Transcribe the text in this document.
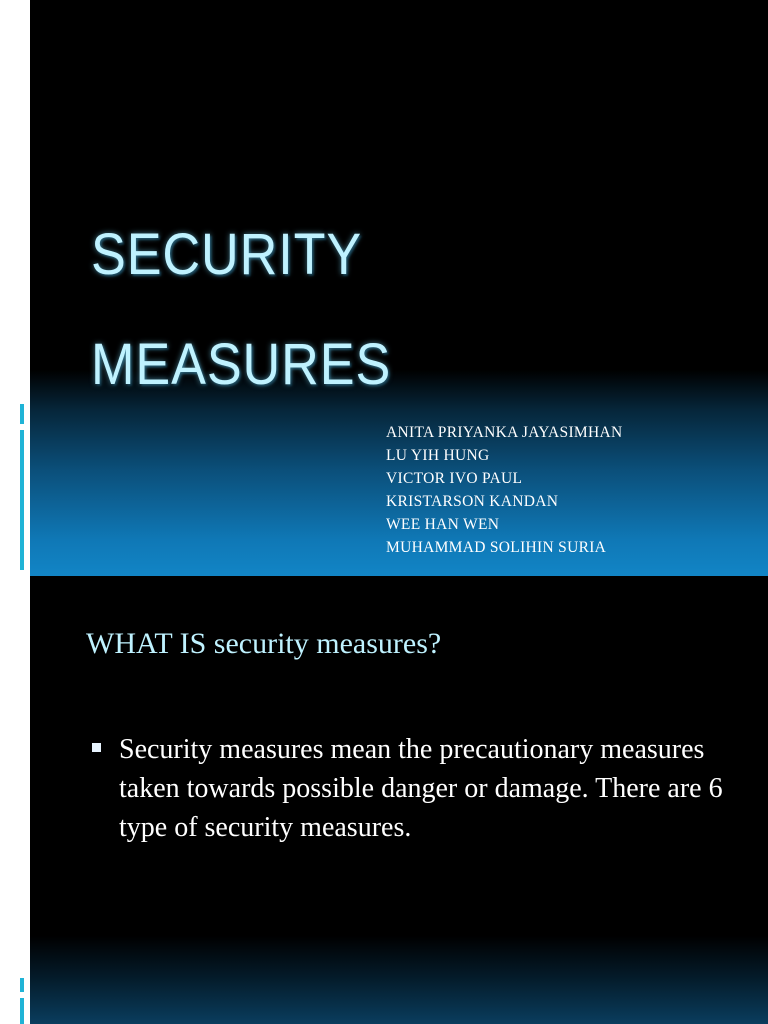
SECURITY
MEASURES
ANITA PRIYANKA JAYASIMHAN
LU YIH HUNG
VICTOR IVO PAUL
KRISTARSON KANDAN
WEE HAN WEN
MUHAMMAD SOLIHIN SURIA
WHAT IS security measures?
Security measures mean the precautionary measures taken towards possible danger or damage. There are 6 type of security measures.
